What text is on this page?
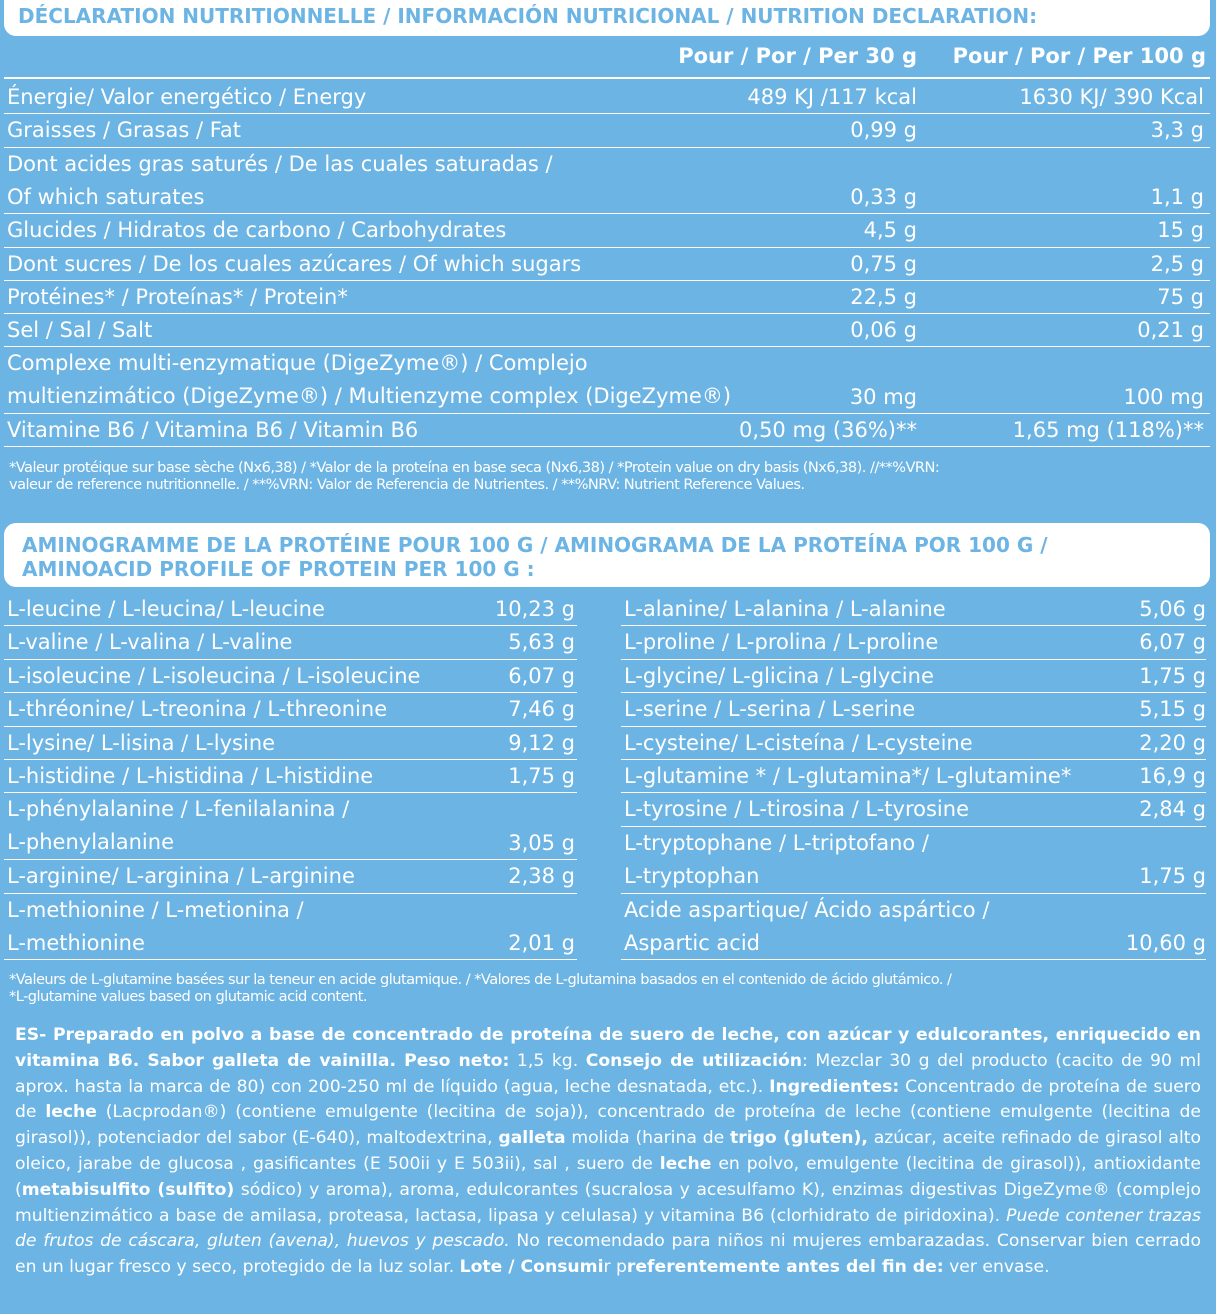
DÉCLARATION NUTRITIONNELLE / INFORMACIÓN NUTRICIONAL / NUTRITION DECLARATION:
Pour / Por / Per 30 g	Pour / Por / Per 100 g
Énergie/ Valor energético / Energy	489 KJ /117 kcal	1630 KJ/ 390 Kcal
Graisses / Grasas / Fat	0,99 g	3,3 g
Dont acides gras saturés / De las cuales saturadas /
Of which saturates	0,33 g	1,1 g
Glucides / Hidratos de carbono / Carbohydrates	4,5 g	15 g
Dont sucres / De los cuales azúcares / Of which sugars	0,75 g	2,5 g
Protéines* / Proteínas* / Protein*	22,5 g	75 g
Sel / Sal / Salt	0,06 g	0,21 g
Complexe multi-enzymatique (DigeZyme®) / Complejo
multienzimático (DigeZyme®) / Multienzyme complex (DigeZyme®)	30 mg	100 mg
Vitamine B6 / Vitamina B6 / Vitamin B6	0,50 mg (36%)**	1,65 mg (118%)**
*Valeur protéique sur base sèche (Nx6,38) / *Valor de la proteína en base seca (Nx6,38) / *Protein value on dry basis (Nx6,38). //**%VRN:
valeur de reference nutritionnelle. / **%VRN: Valor de Referencia de Nutrientes. / **%NRV: Nutrient Reference Values.
AMINOGRAMME DE LA PROTÉINE POUR 100 G / AMINOGRAMA DE LA PROTEÍNA POR 100 G /
AMINOACID PROFILE OF PROTEIN PER 100 G :
L-leucine / L-leucina/ L-leucine	10,23 g
L-valine / L-valina / L-valine	5,63 g
L-isoleucine / L-isoleucina / L-isoleucine	6,07 g
L-thréonine/ L-treonina / L-threonine	7,46 g
L-lysine/ L-lisina / L-lysine	9,12 g
L-histidine / L-histidina / L-histidine	1,75 g
L-phénylalanine / L-fenilalanina /
L-phenylalanine	3,05 g
L-arginine/ L-arginina / L-arginine	2,38 g
L-methionine / L-metionina /
L-methionine	2,01 g
L-alanine/ L-alanina / L-alanine	5,06 g
L-proline / L-prolina / L-proline	6,07 g
L-glycine/ L-glicina / L-glycine	1,75 g
L-serine / L-serina / L-serine	5,15 g
L-cysteine/ L-cisteína / L-cysteine	2,20 g
L-glutamine * / L-glutamina*/ L-glutamine*	16,9 g
L-tyrosine / L-tirosina / L-tyrosine	2,84 g
L-tryptophane / L-triptofano /
L-tryptophan	1,75 g
Acide aspartique/ Ácido aspártico /
Aspartic acid	10,60 g
*Valeurs de L-glutamine basées sur la teneur en acide glutamique. / *Valores de L-glutamina basados en el contenido de ácido glutámico. /
*L-glutamine values based on glutamic acid content.
ES- Preparado en polvo a base de concentrado de proteína de suero de leche, con azúcar y edulcorantes, enriquecido en vitamina B6. Sabor galleta de vainilla. Peso neto: 1,5 kg. Consejo de utilización: Mezclar 30 g del producto (cacito de 90 ml aprox. hasta la marca de 80) con 200-250 ml de líquido (agua, leche desnatada, etc.). Ingredientes: Concentrado de proteína de suero de leche (Lacprodan®) (contiene emulgente (lecitina de soja)), concentrado de proteína de leche (contiene emulgente (lecitina de girasol)), potenciador del sabor (E-640), maltodextrina, galleta molida (harina de trigo (gluten), azúcar, aceite refinado de girasol alto oleico, jarabe de glucosa , gasificantes (E 500ii y E 503ii), sal , suero de leche en polvo, emulgente (lecitina de girasol)), antioxidante (metabisulfito (sulfito) sódico) y aroma), aroma, edulcorantes (sucralosa y acesulfamo K), enzimas digestivas DigeZyme® (complejo multienzimático a base de amilasa, proteasa, lactasa, lipasa y celulasa) y vitamina B6 (clorhidrato de piridoxina). Puede contener trazas de frutos de cáscara, gluten (avena), huevos y pescado. No recomendado para niños ni mujeres embarazadas. Conservar bien cerrado en un lugar fresco y seco, protegido de la luz solar. Lote / Consumir preferentemente antes del fin de: ver envase.
